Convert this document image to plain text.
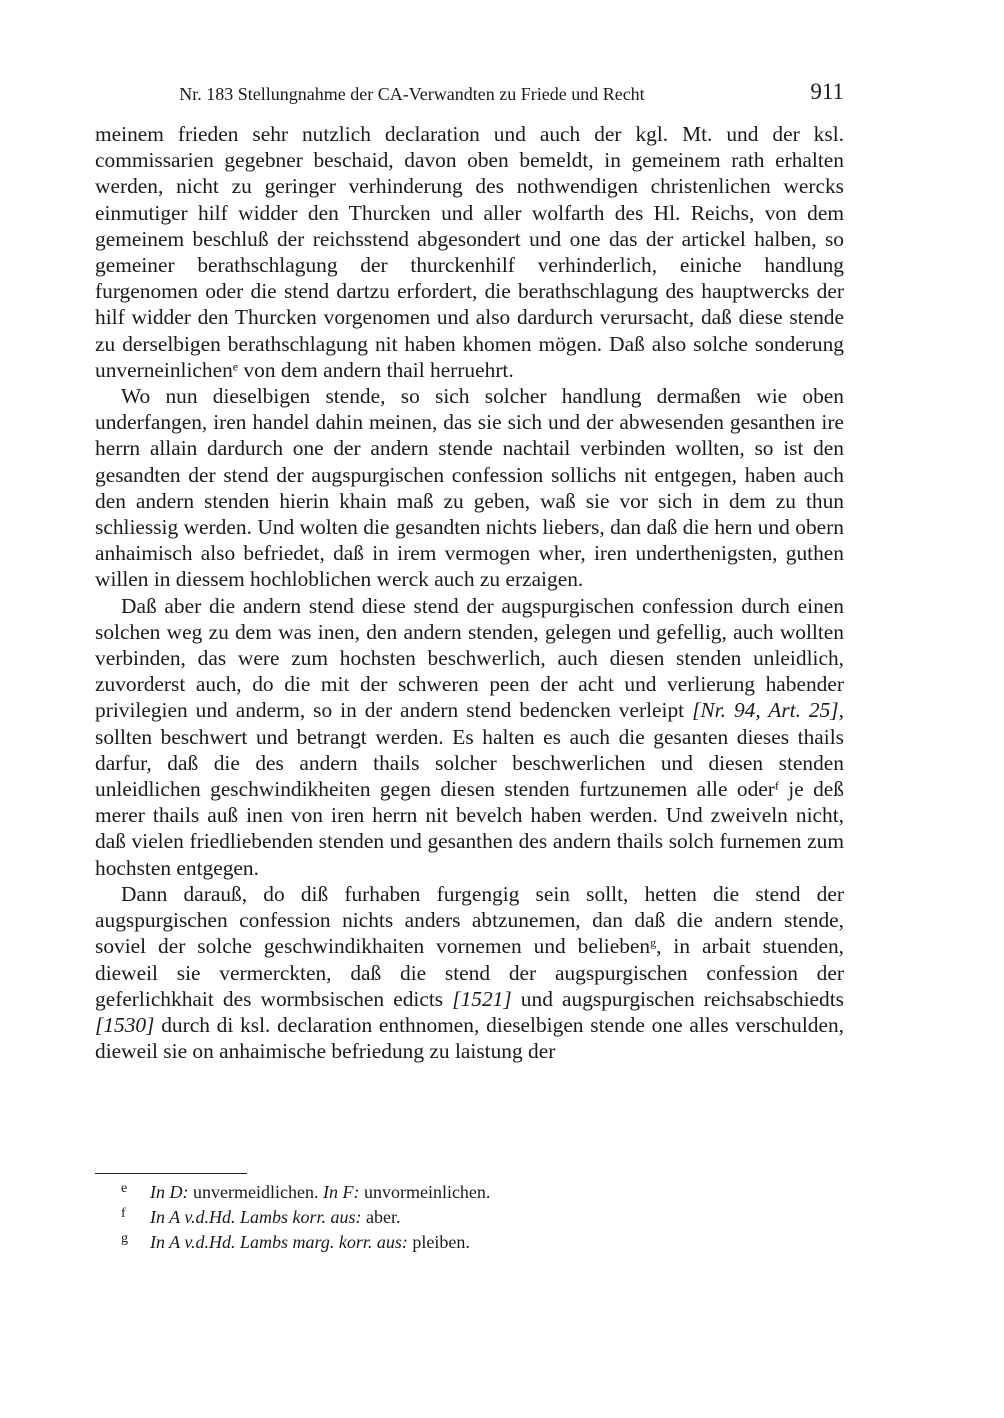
Nr. 183 Stellungnahme der CA-Verwandten zu Friede und Recht	911

meinem frieden sehr nutzlich declaration und auch der kgl. Mt. und der ksl. commissarien gegebner beschaid, davon oben bemeldt, in gemeinem rath erhalten werden, nicht zu geringer verhinderung des nothwendigen christenlichen wercks einmutiger hilf widder den Thurcken und aller wolfarth des Hl. Reichs, von dem gemeinem beschluß der reichsstend abgesondert und one das der artickel halben, so gemeiner berathschlagung der thurckenhilf verhinderlich, einiche handlung furgenomen oder die stend dartzu erfordert, die berathschlagung des hauptwercks der hilf widder den Thurcken vorgenomen und also dardurch verursacht, daß diese stende zu derselbigen berathschlagung nit haben khomen mögen. Daß also solche sonderung unverneinlichen$^e$ von dem andern thail herruehrt.

Wo nun dieselbigen stende, so sich solcher handlung dermaßen wie oben underfangen, iren handel dahin meinen, das sie sich und der abwesenden gesanthen ire herrn allain dardurch one der andern stende nachtail verbinden wollten, so ist den gesandten der stend der augspurgischen confession sollichs nit entgegen, haben auch den andern stenden hierin khain maß zu geben, waß sie vor sich in dem zu thun schliessig werden. Und wolten die gesandten nichts liebers, dan daß die hern und obern anhaimisch also befriedet, daß in irem vermogen wher, iren underthenigsten, guthen willen in diessem hochloblichen werck auch zu erzaigen.

Daß aber die andern stend diese stend der augspurgischen confession durch einen solchen weg zu dem was inen, den andern stenden, gelegen und gefellig, auch wollten verbinden, das were zum hochsten beschwerlich, auch diesen stenden unleidlich, zuvorderst auch, do die mit der schweren peen der acht und verlierung habender privilegien und anderm, so in der andern stend bedencken verleipt [Nr. 94, Art. 25], sollten beschwert und betrangt werden. Es halten es auch die gesanten dieses thails darfur, daß die des andern thails solcher beschwerlichen und diesen stenden unleidlichen geschwindikheiten gegen diesen stenden furtzunemen alle oder$^f$ je deß merer thails auß inen von iren herrn nit bevelch haben werden. Und zweiveln nicht, daß vielen friedliebenden stenden und gesanthen des andern thails solch furnemen zum hochsten entgegen.

Dann darauß, do diß furhaben furgengig sein sollt, hetten die stend der augspurgischen confession nichts anders abtzunemen, dan daß die andern stende, soviel der solche geschwindikhaiten vornemen und belieben$^g$, in arbait stuenden, dieweil sie vermerckten, daß die stend der augspurgischen confession der geferlichkhait des wormbsischen edicts [1521] und augspurgischen reichsabschiedts [1530] durch di ksl. declaration enthnomen, dieselbigen stende one alles verschulden, dieweil sie on anhaimische befriedung zu laistung der

e In D: unvermeidlichen. In F: unvormeinlichen.
f In A v.d.Hd. Lambs korr. aus: aber.
g In A v.d.Hd. Lambs marg. korr. aus: pleiben.
